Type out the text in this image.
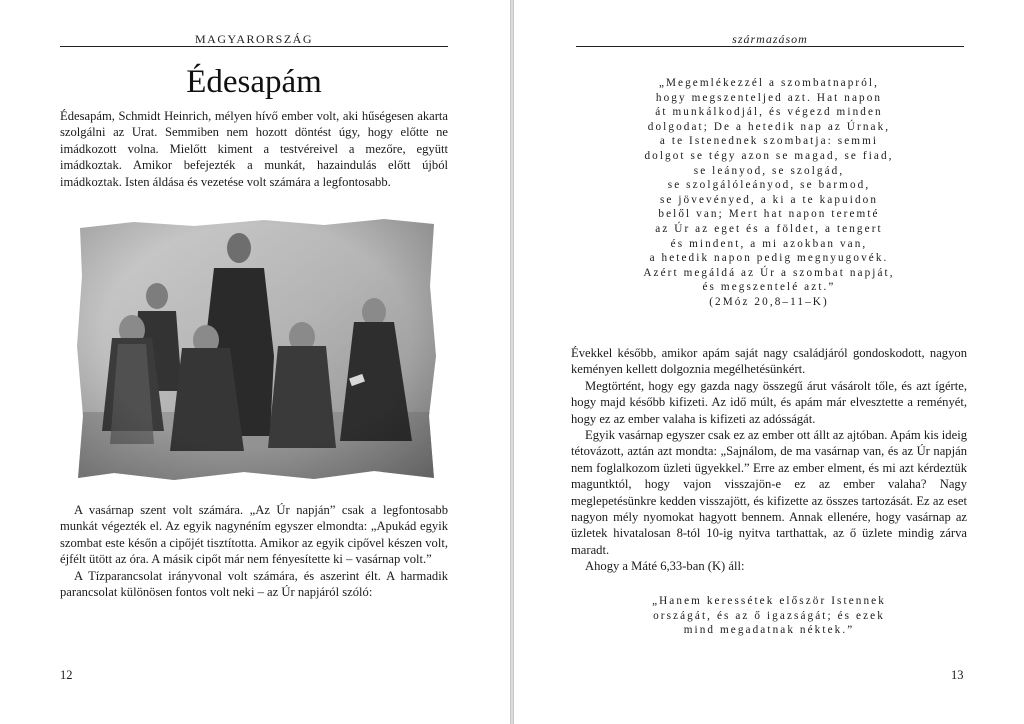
MAGYARORSZÁG
Édesapám

Édesapám, Schmidt Heinrich, mélyen hívő ember volt, aki hűségesen akarta szolgálni az Urat. Semmiben nem hozott döntést úgy, hogy előtte ne imádkozott volna. Mielőtt kiment a testvéreivel a mezőre, együtt imádkoztak. Amikor befejezték a munkát, hazaindulás előtt újból imádkoztak. Isten áldása és vezetése volt számára a legfontosabb.

A vasárnap szent volt számára. „Az Úr napján” csak a legfontosabb munkát végezték el. Az egyik nagynéním egyszer elmondta: „Apukád egyik szombat este későn a cipőjét tisztította. Amikor az egyik cipővel készen volt, éjfélt ütött az óra. A másik cipőt már nem fényesítette ki – vasárnap volt.”

A Tízparancsolat irányvonal volt számára, és aszerint élt. A harmadik parancsolat különösen fontos volt neki – az Úr napjáról szóló:

12
származásom

„Megemlékezzél a szombatnapról,

hogy megszenteljed azt. Hat napon

át munkálkodjál, és végezd minden

dolgodat; De a hetedik nap az Úrnak,

a te Istenednek szombatja: semmi

dolgot se tégy azon se magad, se fiad,

se leányod, se szolgád,

se szolgálóleányod, se barmod,

se jövevényed, a ki a te kapuidon

belől van; Mert hat napon teremté

az Úr az eget és a földet, a tengert

és mindent, a mi azokban van,

a hetedik napon pedig megnyugovék.

Azért megáldá az Úr a szombat napját,

és megszentelé azt.”

(2Móz 20,8–11–K)

Évekkel később, amikor apám saját nagy családjáról gondoskodott, nagyon keményen kellett dolgoznia megélhetésünkért.

Megtörtént, hogy egy gazda nagy összegű árut vásárolt tőle, és azt ígérte, hogy majd később kifizeti. Az idő múlt, és apám már elvesztette a reményét, hogy ez az ember valaha is kifizeti az adósságát.

Egyik vasárnap egyszer csak ez az ember ott állt az ajtóban. Apám kis ideig tétovázott, aztán azt mondta: „Sajnálom, de ma vasárnap van, és az Úr napján nem foglalkozom üzleti ügyekkel.” Erre az ember elment, és mi azt kérdeztük maguntktól, hogy vajon visszajön-e ez az ember valaha? Nagy meglepetésünkre kedden visszajött, és kifizette az összes tartozását. Ez az eset nagyon mély nyomokat hagyott bennem. Annak ellenére, hogy vasárnap az üzletek hivatalosan 8-tól 10-ig nyitva tarthattak, az ő üzlete mindig zárva maradt.

Ahogy a Máté 6,33-ban (K) áll:

„Hanem keressétek először Istennek

országát, és az ő igazságát; és ezek

mind megadatnak néktek.”

13
